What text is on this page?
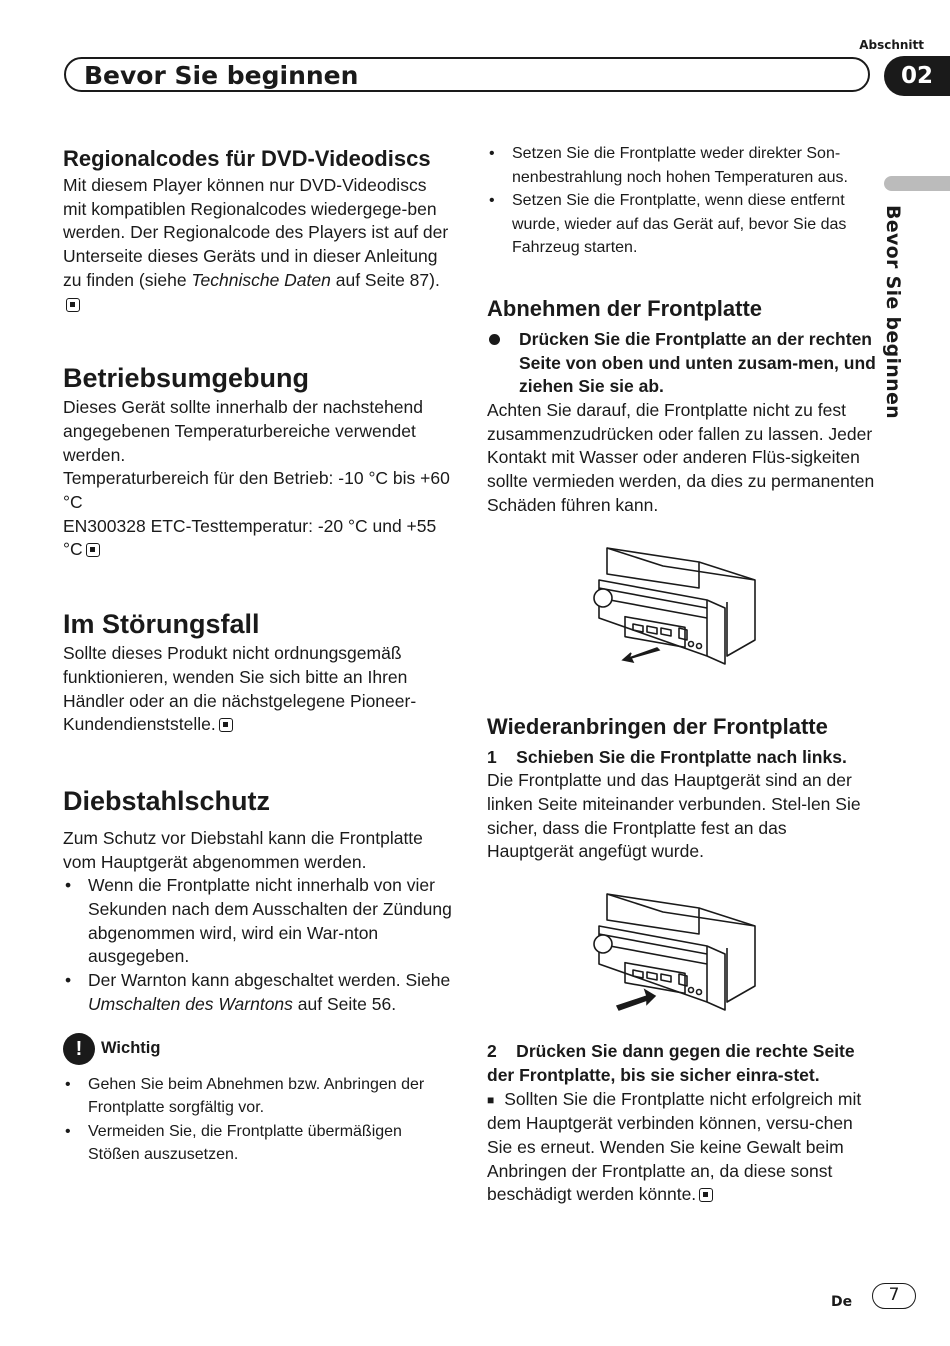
Abschnitt
Bevor Sie beginnen	02
Bevor Sie beginnen
Regionalcodes für DVD-Videodiscs

Mit diesem Player können nur DVD-Videodiscs mit kompatiblen Regionalcodes wiedergege-ben werden. Der Regionalcode des Players ist auf der Unterseite dieses Geräts und in dieser Anleitung zu finden (siehe Technische Daten auf Seite 87).

Betriebsumgebung

Dieses Gerät sollte innerhalb der nachstehend angegebenen Temperaturbereiche verwendet werden.

Temperaturbereich für den Betrieb: -10 °C bis +60 °C

EN300328 ETC-Testtemperatur: -20 °C und +55 °C

Im Störungsfall

Sollte dieses Produkt nicht ordnungsgemäß funktionieren, wenden Sie sich bitte an Ihren Händler oder an die nächstgelegene Pioneer-Kundendienststelle.

Diebstahlschutz

Zum Schutz vor Diebstahl kann die Frontplatte vom Hauptgerät abgenommen werden.

• Wenn die Frontplatte nicht innerhalb von vier Sekunden nach dem Ausschalten der Zündung abgenommen wird, wird ein War-nton ausgegeben.
• Der Warnton kann abgeschaltet werden. Siehe Umschalten des Warntons auf Seite 56.
!	Wichtig
• Gehen Sie beim Abnehmen bzw. Anbringen der Frontplatte sorgfältig vor.
• Vermeiden Sie, die Frontplatte übermäßigen Stößen auszusetzen.
• Setzen Sie die Frontplatte weder direkter Son-nenbestrahlung noch hohen Temperaturen aus.
• Setzen Sie die Frontplatte, wenn diese entfernt wurde, wieder auf das Gerät auf, bevor Sie das Fahrzeug starten.
Abnehmen der Frontplatte

Drücken Sie die Frontplatte an der rechten Seite von oben und unten zusam-men, und ziehen Sie sie ab.

Achten Sie darauf, die Frontplatte nicht zu fest zusammenzudrücken oder fallen zu lassen. Jeder Kontakt mit Wasser oder anderen Flüs-sigkeiten sollte vermieden werden, da dies zu permanenten Schäden führen kann.

Wiederanbringen der Frontplatte

1    Schieben Sie die Frontplatte nach links.

Die Frontplatte und das Hauptgerät sind an der linken Seite miteinander verbunden. Stel-len Sie sicher, dass die Frontplatte fest an das Hauptgerät angefügt wurde.

2    Drücken Sie dann gegen die rechte Seite der Frontplatte, bis sie sicher einra-stet.

■ Sollten Sie die Frontplatte nicht erfolgreich mit dem Hauptgerät verbinden können, versu-chen Sie es erneut. Wenden Sie keine Gewalt beim Anbringen der Frontplatte an, da diese sonst beschädigt werden könnte.

De	7
